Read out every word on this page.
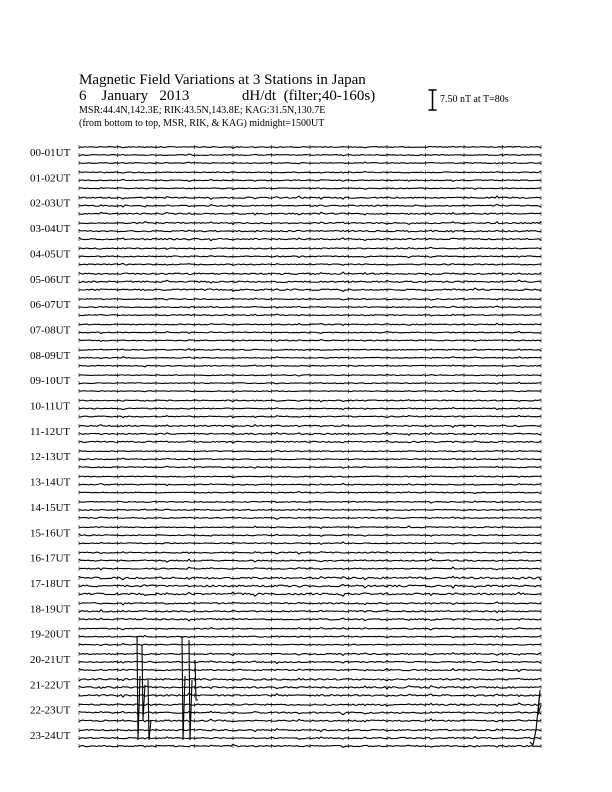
Magnetic Field Variations at 3 Stations in Japan
6 January 2013	dH/dt (filter;40-160s)
MSR:44.4N,142.3E; RIK:43.5N,143.8E; KAG:31.5N,130.7E
(from bottom to top, MSR, RIK, & KAG) midnight=1500UT
7.50 nT at T=80s
00-01UT
01-02UT
02-03UT
03-04UT
04-05UT
05-06UT
06-07UT
07-08UT
08-09UT
09-10UT
10-11UT
11-12UT
12-13UT
13-14UT
14-15UT
15-16UT
16-17UT
17-18UT
18-19UT
19-20UT
20-21UT
21-22UT
22-23UT
23-24UT
